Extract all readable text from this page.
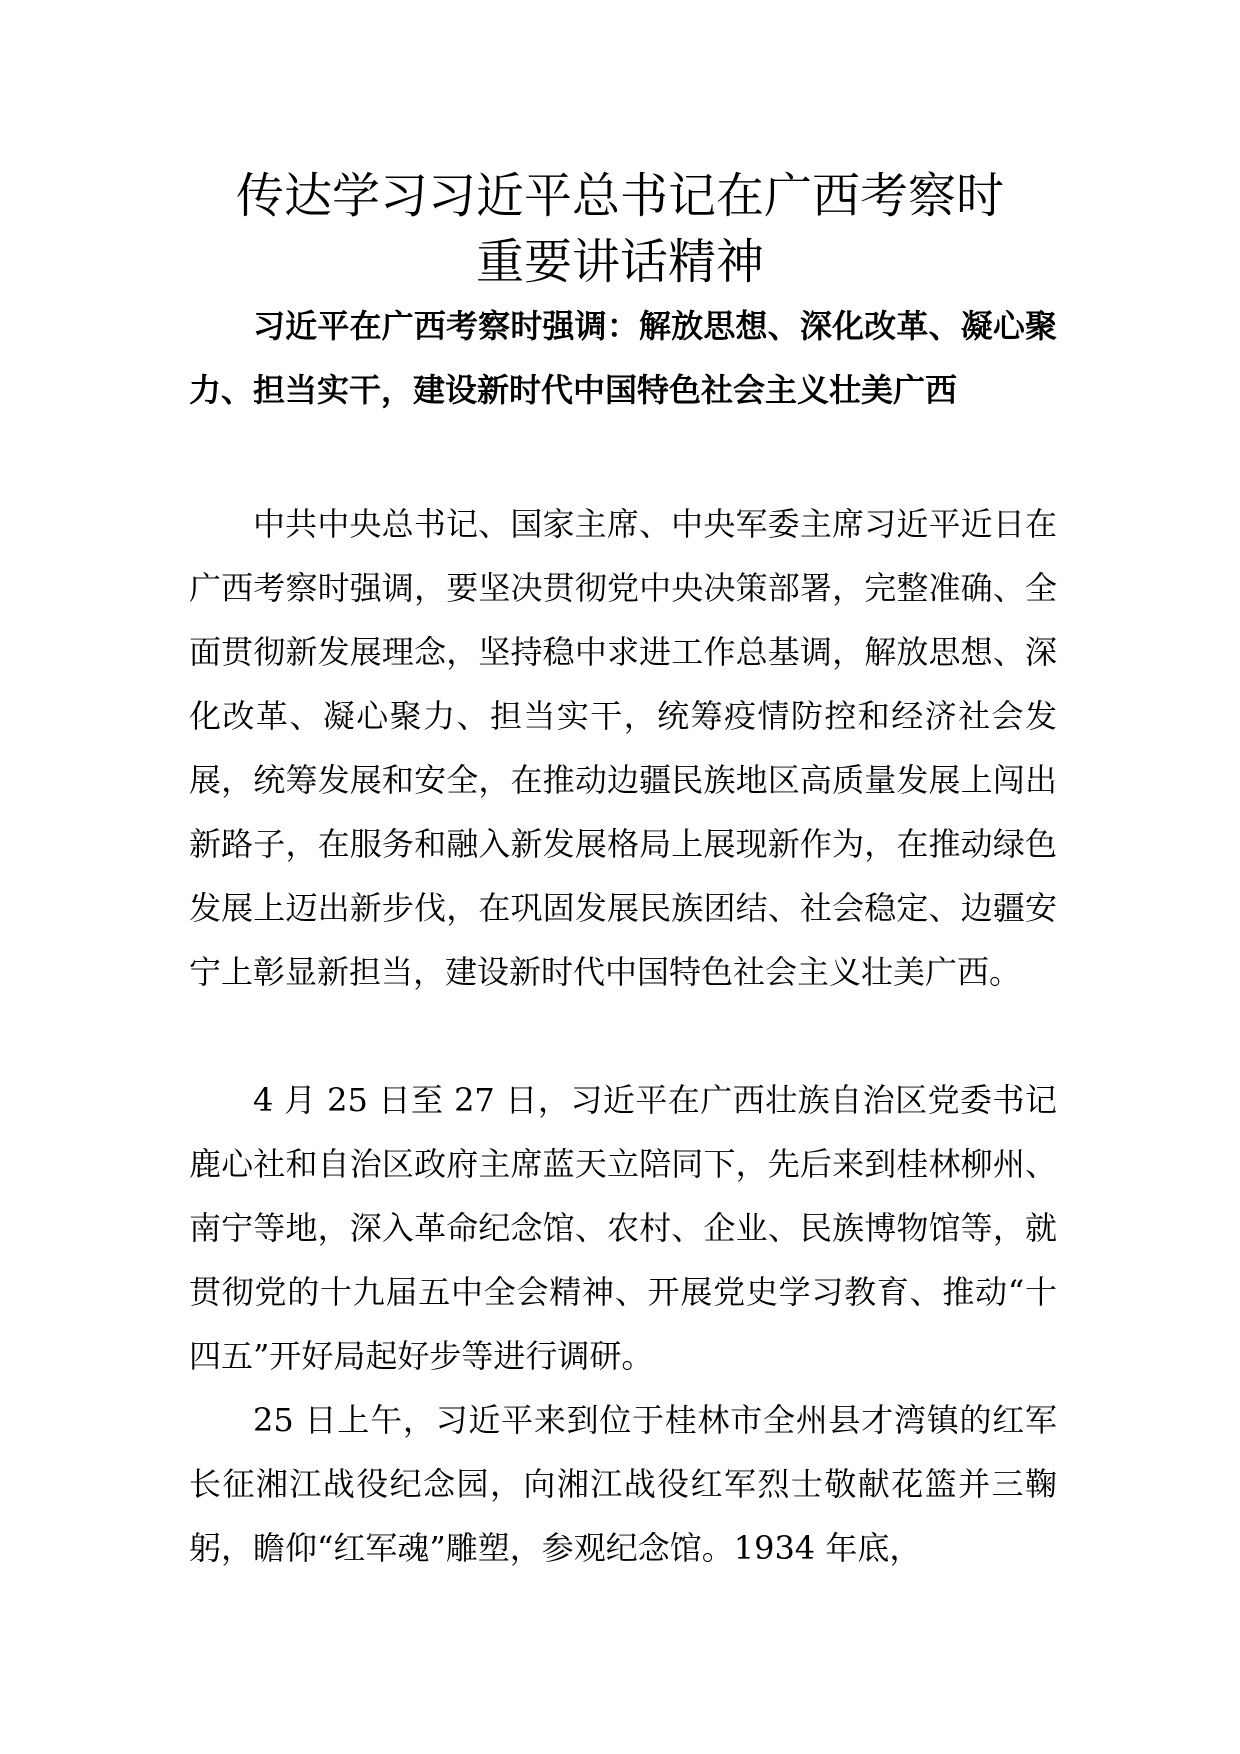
传达学习习近平总书记在广西考察时
重要讲话精神

习近平在广西考察时强调：解放思想、深化改革、凝心聚力、担当实干，建设新时代中国特色社会主义壮美广西

中共中央总书记、国家主席、中央军委主席习近平近日在广西考察时强调，要坚决贯彻党中央决策部署，完整准确、全面贯彻新发展理念，坚持稳中求进工作总基调，解放思想、深化改革、凝心聚力、担当实干，统筹疫情防控和经济社会发展，统筹发展和安全，在推动边疆民族地区高质量发展上闯出新路子，在服务和融入新发展格局上展现新作为，在推动绿色发展上迈出新步伐，在巩固发展民族团结、社会稳定、边疆安宁上彰显新担当，建设新时代中国特色社会主义壮美广西。

4 月 25 日至 27 日，习近平在广西壮族自治区党委书记鹿心社和自治区政府主席蓝天立陪同下，先后来到桂林柳州、南宁等地，深入革命纪念馆、农村、企业、民族博物馆等，就贯彻党的十九届五中全会精神、开展党史学习教育、推动“十四五”开好局起好步等进行调研。

25 日上午，习近平来到位于桂林市全州县才湾镇的红军长征湘江战役纪念园，向湘江战役红军烈士敬献花篮并三鞠躬，瞻仰“红军魂”雕塑，参观纪念馆。1934 年底，
